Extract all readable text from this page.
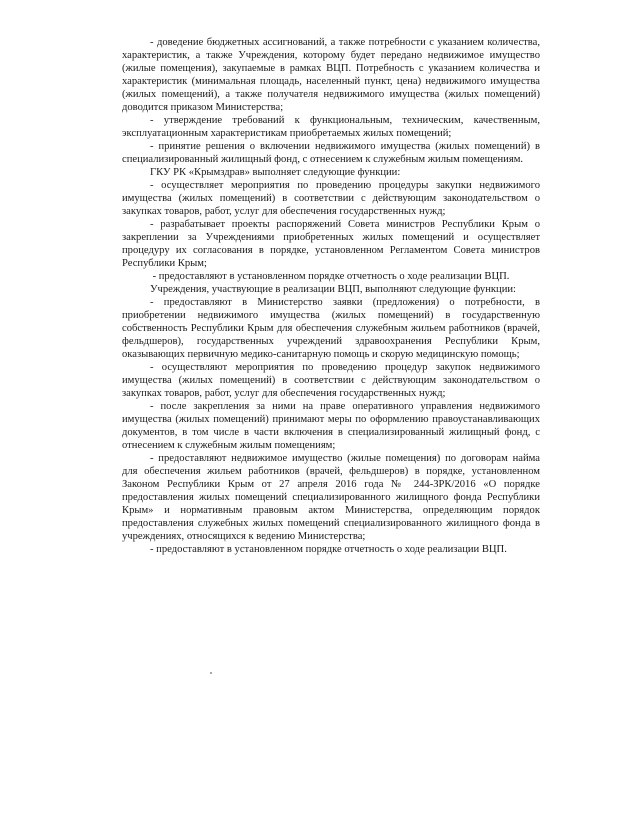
- доведение бюджетных ассигнований, а также потребности с указанием количества, характеристик, а также Учреждения, которому будет передано недвижимое имущество (жилые помещения), закупаемые в рамках ВЦП. Потребность с указанием количества и характеристик (минимальная площадь, населенный пункт, цена) недвижимого имущества (жилых помещений), а также получателя недвижимого имущества (жилых помещений) доводится приказом Министерства;

- утверждение требований к функциональным, техническим, качественным, эксплуатационным характеристикам приобретаемых жилых помещений;

- принятие решения о включении недвижимого имущества (жилых помещений) в специализированный жилищный фонд, с отнесением к служебным жилым помещениям.

ГКУ РК «Крымздрав» выполняет следующие функции:

- осуществляет мероприятия по проведению процедуры закупки недвижимого имущества (жилых помещений) в соответствии с действующим законодательством о закупках товаров, работ, услуг для обеспечения государственных нужд;

- разрабатывает проекты распоряжений Совета министров Республики Крым о закреплении за Учреждениями приобретенных жилых помещений и осуществляет процедуру их согласования в порядке, установленном Регламентом Совета министров Республики Крым;

- предоставляют в установленном порядке отчетность о ходе реализации ВЦП.

Учреждения, участвующие в реализации ВЦП, выполняют следующие функции:

- предоставляют в Министерство заявки (предложения) о потребности, в приобретении недвижимого имущества (жилых помещений) в государственную собственность Республики Крым для обеспечения служебным жильем работников (врачей, фельдшеров), государственных учреждений здравоохранения Республики Крым, оказывающих первичную медико-санитарную помощь и скорую медицинскую помощь;

- осуществляют мероприятия по проведению процедур закупок недвижимого имущества (жилых помещений) в соответствии с действующим законодательством о закупках товаров, работ, услуг для обеспечения государственных нужд;

- после закрепления за ними на праве оперативного управления недвижимого имущества (жилых помещений) принимают меры по оформлению правоустанавливающих документов, в том числе в части включения в специализированный жилищный фонд, с отнесением к служебным жилым помещениям;

- предоставляют недвижимое имущество (жилые помещения) по договорам найма для обеспечения жильем работников (врачей, фельдшеров) в порядке, установленном Законом Республики Крым от 27 апреля 2016 года № 244-ЗРК/2016 «О порядке предоставления жилых помещений специализированного жилищного фонда Республики Крым» и нормативным правовым актом Министерства, определяющим порядок предоставления служебных жилых помещений специализированного жилищного фонда в учреждениях, относящихся к ведению Министерства;

- предоставляют в установленном порядке отчетность о ходе реализации ВЦП.
